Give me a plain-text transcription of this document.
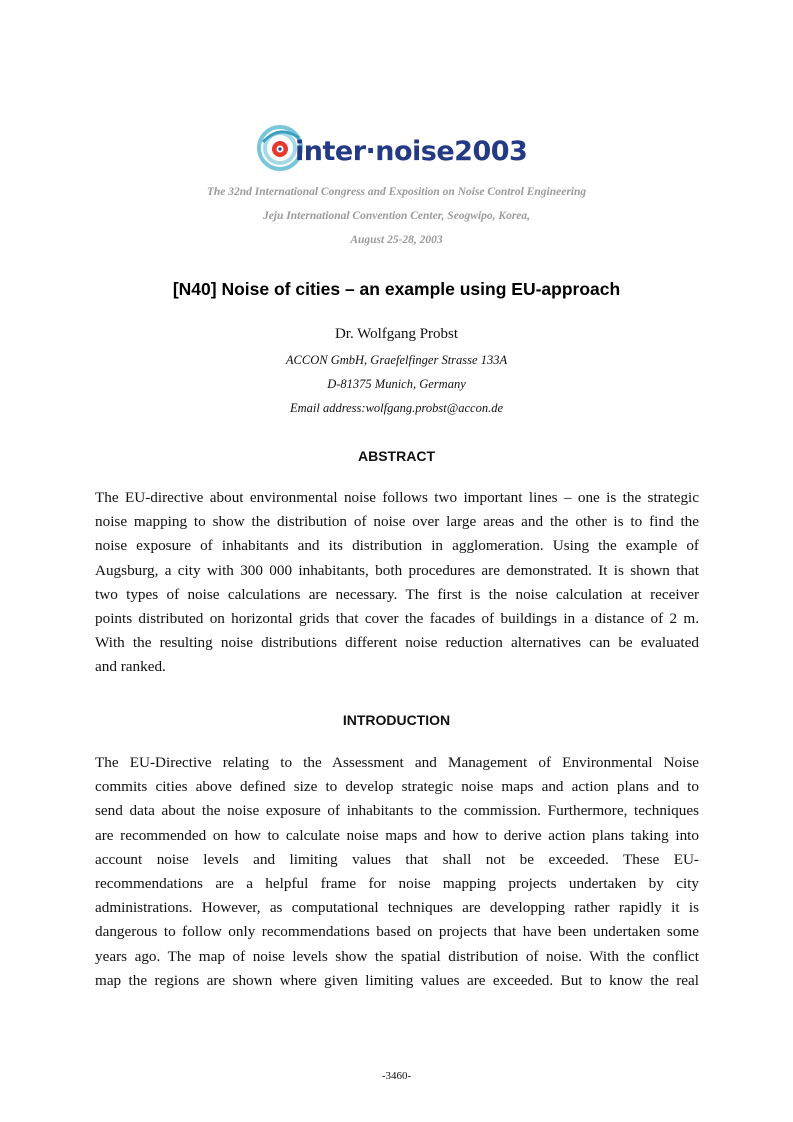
inter·noise2003
The 32nd International Congress and Exposition on Noise Control Engineering
Jeju International Convention Center, Seogwipo, Korea,
August 25-28, 2003
[N40] Noise of cities – an example using EU-approach
Dr. Wolfgang Probst
ACCON GmbH, Graefelfinger Strasse 133A
D-81375 Munich, Germany
Email address:wolfgang.probst@accon.de
ABSTRACT
The EU-directive about environmental noise follows two important lines – one is the strategic
noise mapping to show the distribution of noise over large areas and the other is to find the
noise exposure of inhabitants and its distribution in agglomeration. Using the example of
Augsburg, a city with 300 000 inhabitants, both procedures are demonstrated. It is shown that
two types of noise calculations are necessary. The first is the noise calculation at receiver
points distributed on horizontal grids that cover the facades of buildings in a distance of 2 m.
With the resulting noise distributions different noise reduction alternatives can be evaluated
and ranked.
INTRODUCTION
The EU-Directive relating to the Assessment and Management of Environmental Noise
commits cities above defined size to develop strategic noise maps and action plans and to
send data about the noise exposure of inhabitants to the commission. Furthermore, techniques
are recommended on how to calculate noise maps and how to derive action plans taking into
account noise levels and limiting values that shall not be exceeded. These EU-
recommendations are a helpful frame for noise mapping projects undertaken by city
administrations. However, as computational techniques are developping rather rapidly it is
dangerous to follow only recommendations based on projects that have been undertaken some
years ago. The map of noise levels show the spatial distribution of noise. With the conflict
map the regions are shown where given limiting values are exceeded. But to know the real
-3460-
